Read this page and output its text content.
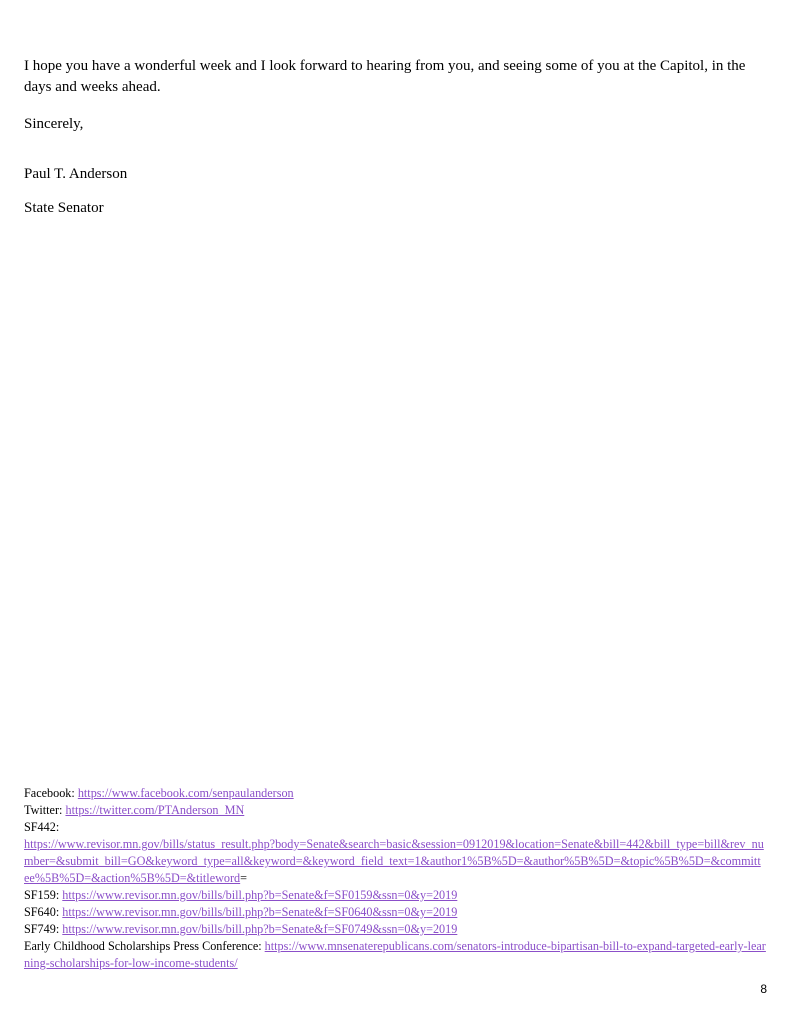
I hope you have a wonderful week and I look forward to hearing from you, and seeing some of you at the Capitol, in the days and weeks ahead.

Sincerely,

Paul T. Anderson

State Senator

Facebook: https://www.facebook.com/senpaulanderson

Twitter: https://twitter.com/PTAnderson_MN

SF442:

https://www.revisor.mn.gov/bills/status_result.php?body=Senate&search=basic&session=0912019&location=Senate&bill=442&bill_type=bill&rev_number=&submit_bill=GO&keyword_type=all&keyword=&keyword_field_text=1&author1%5B%5D=&author%5B%5D=&topic%5B%5D=&committee%5B%5D=&action%5B%5D=&titleword=

SF159: https://www.revisor.mn.gov/bills/bill.php?b=Senate&f=SF0159&ssn=0&y=2019

SF640: https://www.revisor.mn.gov/bills/bill.php?b=Senate&f=SF0640&ssn=0&y=2019

SF749: https://www.revisor.mn.gov/bills/bill.php?b=Senate&f=SF0749&ssn=0&y=2019

Early Childhood Scholarships Press Conference: https://www.mnsenaterepublicans.com/senators-introduce-bipartisan-bill-to-expand-targeted-early-learning-scholarships-for-low-income-students/

8
